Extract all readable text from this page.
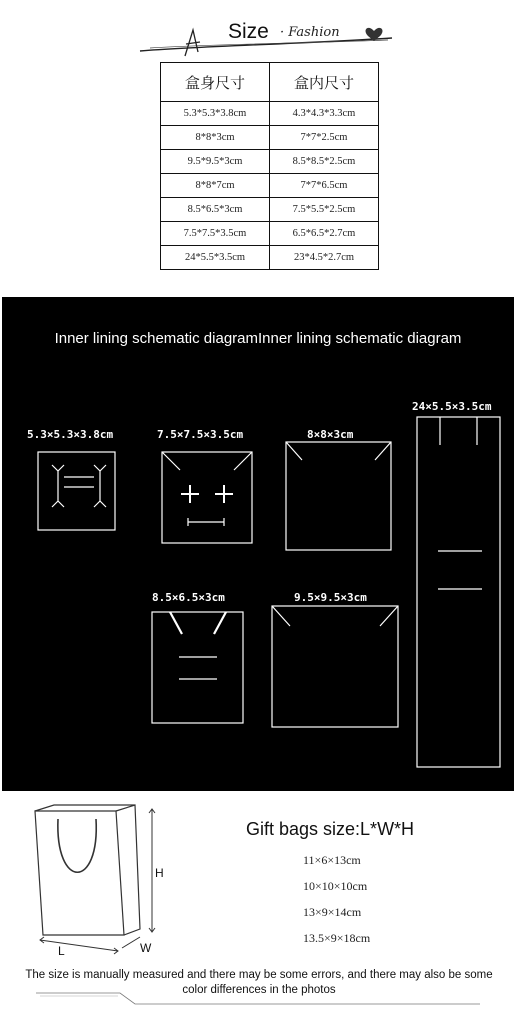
Size · Fashion
盒身尺寸	盒内尺寸
5.3*5.3*3.8cm	4.3*4.3*3.3cm
8*8*3cm	7*7*2.5cm
9.5*9.5*3cm	8.5*8.5*2.5cm
8*8*7cm	7*7*6.5cm
8.5*6.5*3cm	7.5*5.5*2.5cm
7.5*7.5*3.5cm	6.5*6.5*2.7cm
24*5.5*3.5cm	23*4.5*2.7cm
Inner lining schematic diagramInner lining schematic diagram
5.3×5.3×3.8cm	7.5×7.5×3.5cm	8×8×3cm
24×5.5×3.5cm
8.5×6.5×3cm	9.5×9.5×3cm
H
L	W
Gift bags size:L*W*H
11×6×13cm
10×10×10cm
13×9×14cm
13.5×9×18cm
The size is manually measured and there may be some errors, and there may also be some color differences in the photos
